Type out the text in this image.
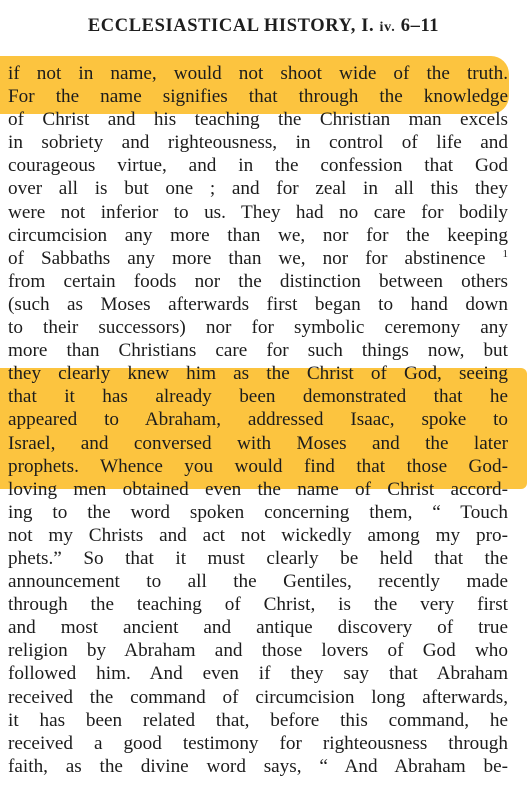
ECCLESIASTICAL HISTORY, I. iv. 6–11
if not in name, would not shoot wide of the truth.
For the name signifies that through the knowledge
of Christ and his teaching the Christian man excels
in sobriety and righteousness, in control of life and
courageous virtue, and in the confession that God
over all is but one ; and for zeal in all this they
were not inferior to us. They had no care for bodily
circumcision any more than we, nor for the keeping
of Sabbaths any more than we, nor for abstinence $^1$
from certain foods nor the distinction between others
(such as Moses afterwards first began to hand down
to their successors) nor for symbolic ceremony any
more than Christians care for such things now, but
they clearly knew him as the Christ of God, seeing
that it has already been demonstrated that he
appeared to Abraham, addressed Isaac, spoke to
Israel, and conversed with Moses and the later
prophets. Whence you would find that those God-
loving men obtained even the name of Christ accord-
ing to the word spoken concerning them, “ Touch
not my Christs and act not wickedly among my pro-
phets.” So that it must clearly be held that the
announcement to all the Gentiles, recently made
through the teaching of Christ, is the very first
and most ancient and antique discovery of true
religion by Abraham and those lovers of God who
followed him. And even if they say that Abraham
received the command of circumcision long afterwards,
it has been related that, before this command, he
received a good testimony for righteousness through
faith, as the divine word says, “ And Abraham be-
